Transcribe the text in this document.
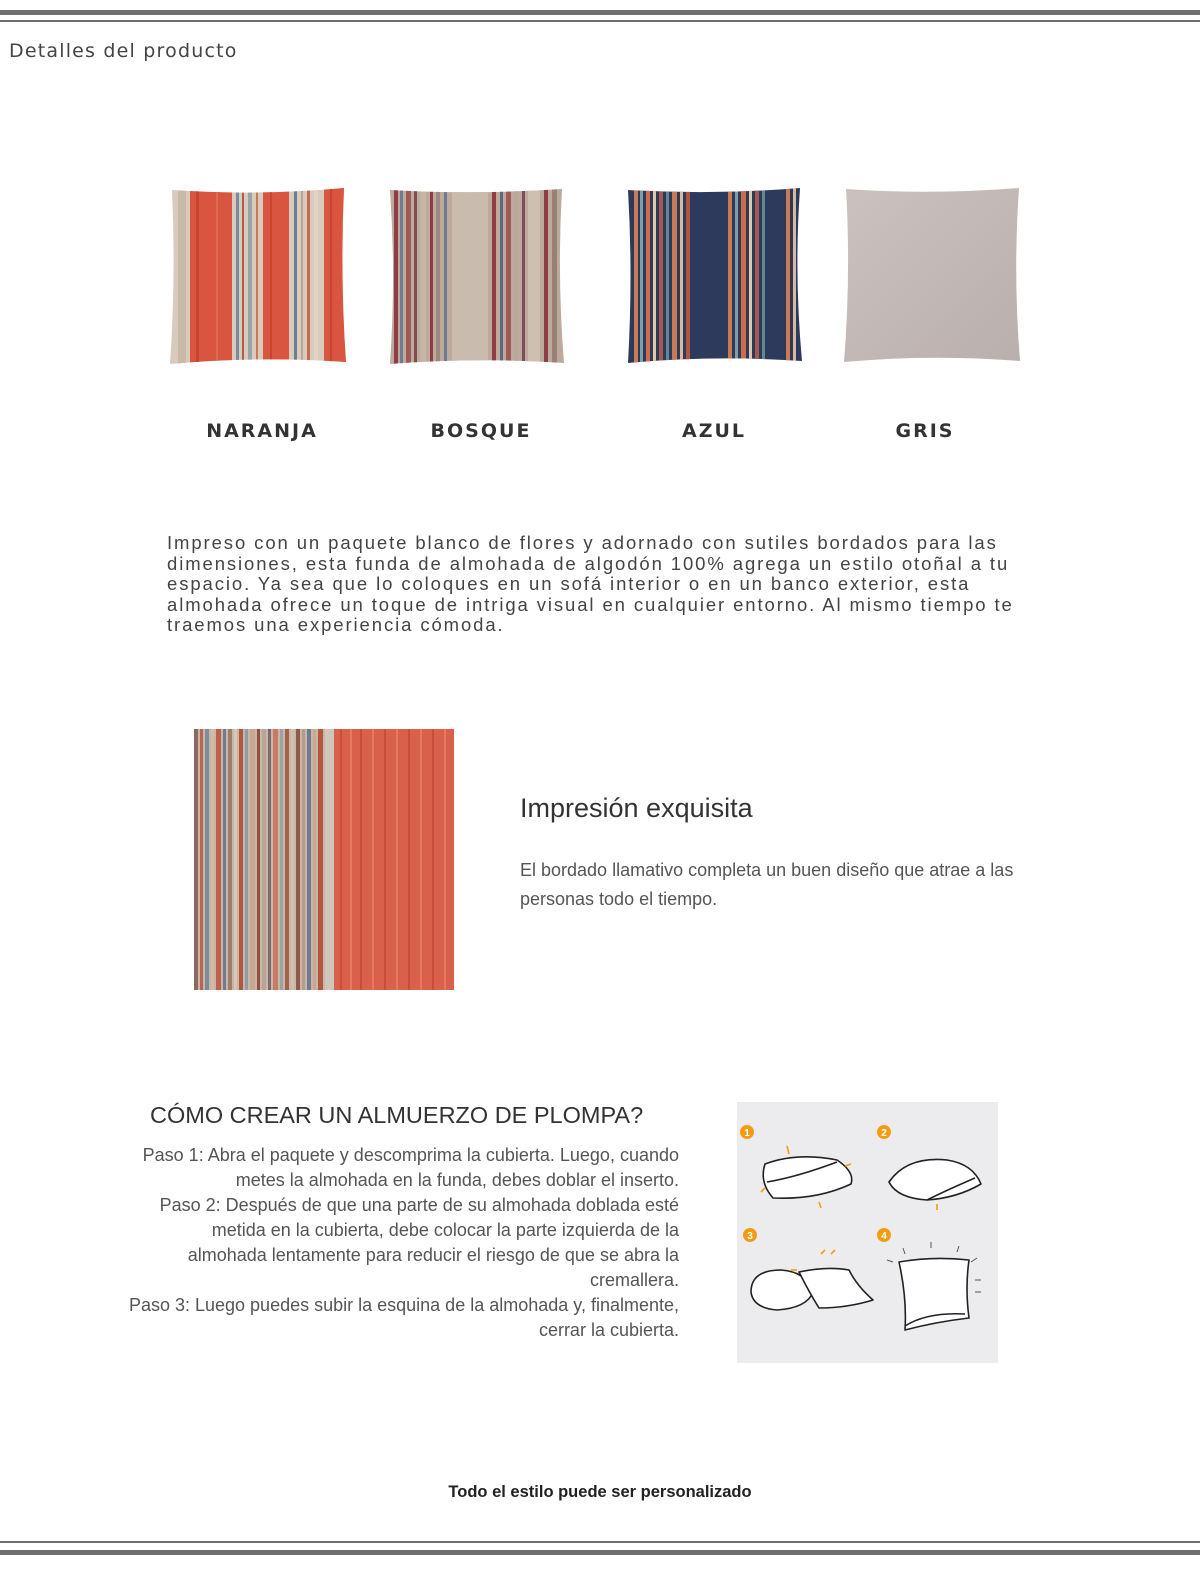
Detalles del producto
NARANJA	BOSQUE	AZUL	GRIS
Impreso con un paquete blanco de flores y adornado con sutiles bordados para las dimensiones, esta funda de almohada de algodón 100% agrega un estilo otoñal a tu espacio. Ya sea que lo coloques en un sofá interior o en un banco exterior, esta almohada ofrece un toque de intriga visual en cualquier entorno. Al mismo tiempo te traemos una experiencia cómoda.
Impresión exquisita
El bordado llamativo completa un buen diseño que atrae a las personas todo el tiempo.
CÓMO CREAR UN ALMUERZO DE PLOMPA?

Paso 1: Abra el paquete y descomprima la cubierta. Luego, cuando metes la almohada en la funda, debes doblar el inserto.

Paso 2: Después de que una parte de su almohada doblada esté metida en la cubierta, debe colocar la parte izquierda de la almohada lentamente para reducir el riesgo de que se abra la cremallera.

Paso 3: Luego puedes subir la esquina de la almohada y, finalmente, cerrar la cubierta.

1	2
3	4
Todo el estilo puede ser personalizado
